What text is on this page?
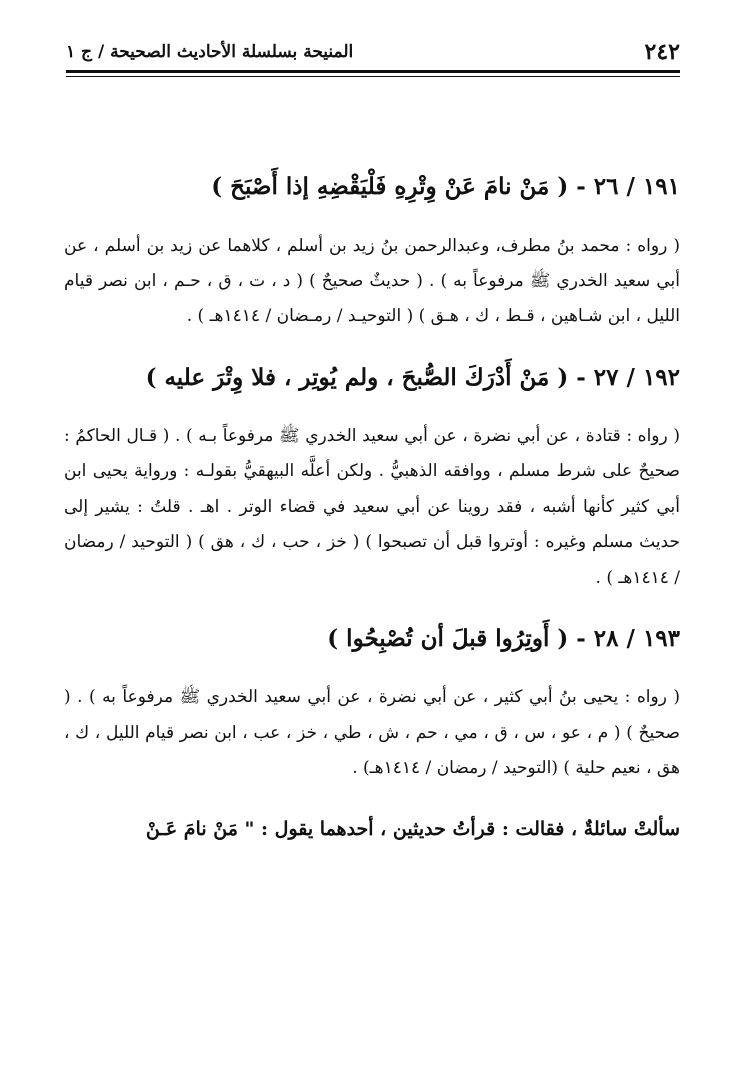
٢٤٢
المنيحة بسلسلة الأحاديث الصحيحة / ج ١
١٩١ / ٢٦ - ( مَنْ نامَ عَنْ وِتْرِهِ فَلْيَقْضِهِ إذا أَصْبَحَ )

( رواه : محمد بنُ مطرف، وعبدالرحمن بنُ زيد بن أسلم ، كلاهما عن زيد بن أسلم ، عن أبي سعيد الخدري ﷺ مرفوعاً به ) . ( حديثٌ صحيحٌ ) ( د ، ت ، ق ، حـم ، ابن نصر قيام الليل ، ابن شـاهين ، قـط ، ك ، هـق ) ( التوحيـد / رمـضان / ١٤١٤هـ ) .

١٩٢ / ٢٧ - ( مَنْ أَدْرَكَ الصُّبحَ ، ولم يُوتِر ، فلا وِتْرَ عليه )

( رواه : قتادة ، عن أبي نضرة ، عن أبي سعيد الخدري ﷺ مرفوعاً بـه ) . ( قـال الحاكمُ : صحيحٌ على شرط مسلم ، ووافقه الذهبيُّ . ولكن أعلَّه البيهقيُّ بقولـه : ورواية يحيى ابن أبي كثير كأنها أشبه ، فقد روينا عن أبي سعيد في قضاء الوتر . اهـ . قلتُ : يشير إلى حديث مسلم وغيره : أوتروا قبل أن تصبحوا ) ( خز ، حب ، ك ، هق ) ( التوحيد / رمضان / ١٤١٤هـ ) .

١٩٣ / ٢٨ - ( أَوتِرُوا قبلَ أن تُصْبِحُوا )

( رواه : يحيى بنُ أبي كثير ، عن أبي نضرة ، عن أبي سعيد الخدري ﷺ مرفوعاً به ) . ( صحيحٌ ) ( م ، عو ، س ، ق ، مي ، حم ، ش ، طي ، خز ، عب ، ابن نصر قيام الليل ، ك ، هق ، نعيم حلية ) (التوحيد / رمضان / ١٤١٤هـ) .

سألتْ سائلةٌ ، فقالت : قرأتُ حديثين ، أحدهما يقول : " مَنْ نامَ عَـنْ
